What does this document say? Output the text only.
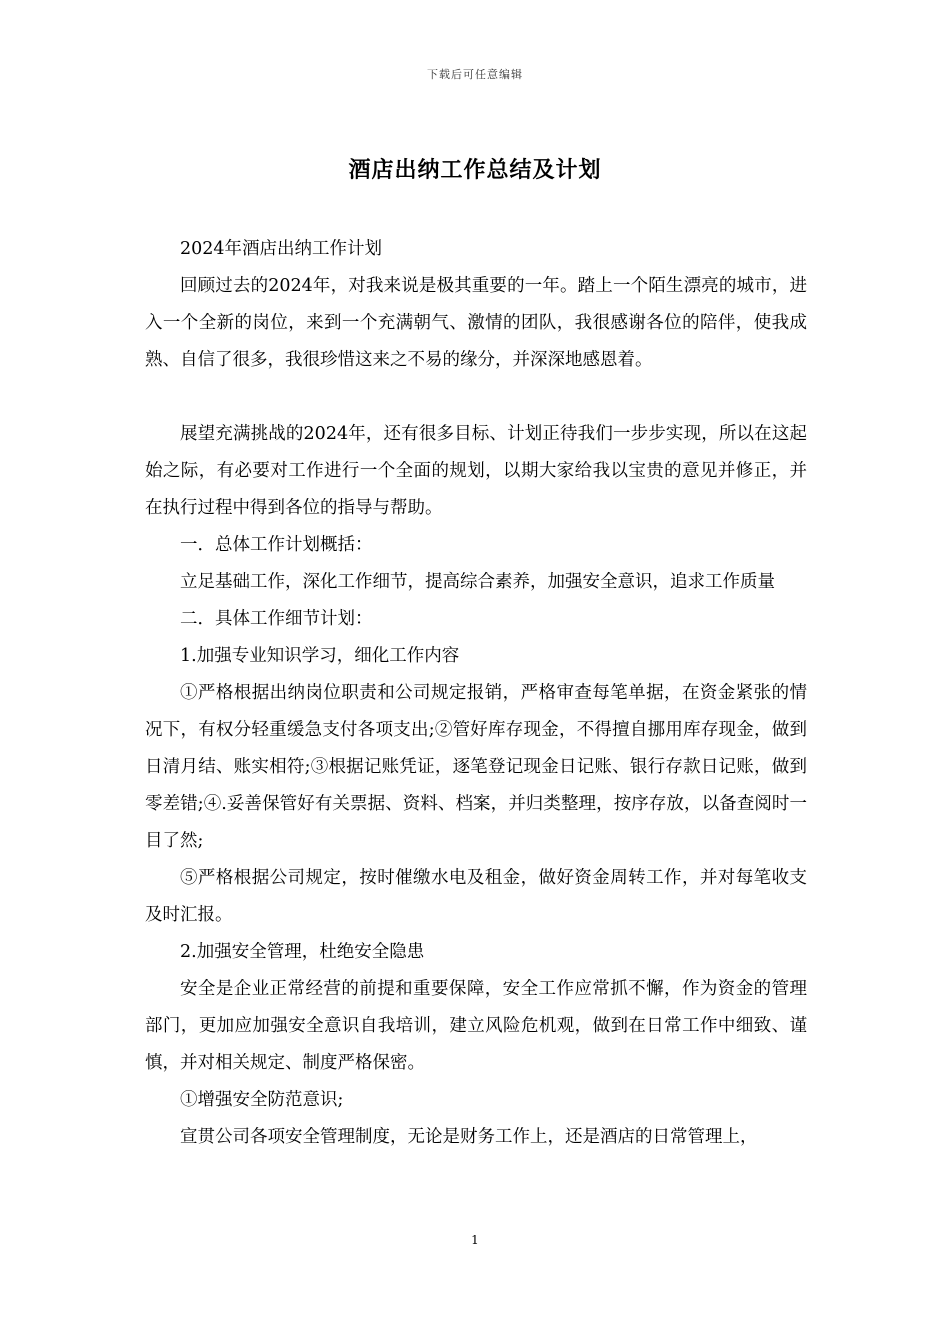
下载后可任意编辑
酒店出纳工作总结及计划

2024年酒店出纳工作计划

回顾过去的2024年，对我来说是极其重要的一年。踏上一个陌生漂亮的城市，进入一个全新的岗位，来到一个充满朝气、激情的团队，我很感谢各位的陪伴，使我成熟、自信了很多，我很珍惜这来之不易的缘分，并深深地感恩着。

展望充满挑战的2024年，还有很多目标、计划正待我们一步步实现，所以在这起始之际，有必要对工作进行一个全面的规划，以期大家给我以宝贵的意见并修正，并在执行过程中得到各位的指导与帮助。

一．总体工作计划概括：

立足基础工作，深化工作细节，提高综合素养，加强安全意识，追求工作质量

二．具体工作细节计划：

1.加强专业知识学习，细化工作内容

①严格根据出纳岗位职责和公司规定报销，严格审查每笔单据，在资金紧张的情况下，有权分轻重缓急支付各项支出;②管好库存现金，不得擅自挪用库存现金，做到日清月结、账实相符;③根据记账凭证，逐笔登记现金日记账、银行存款日记账，做到零差错;④.妥善保管好有关票据、资料、档案，并归类整理，按序存放，以备查阅时一目了然;

⑤严格根据公司规定，按时催缴水电及租金，做好资金周转工作，并对每笔收支及时汇报。

2.加强安全管理，杜绝安全隐患

安全是企业正常经营的前提和重要保障，安全工作应常抓不懈，作为资金的管理部门，更加应加强安全意识自我培训，建立风险危机观，做到在日常工作中细致、谨慎，并对相关规定、制度严格保密。

①增强安全防范意识;

宣贯公司各项安全管理制度，无论是财务工作上，还是酒店的日常管理上，

1
